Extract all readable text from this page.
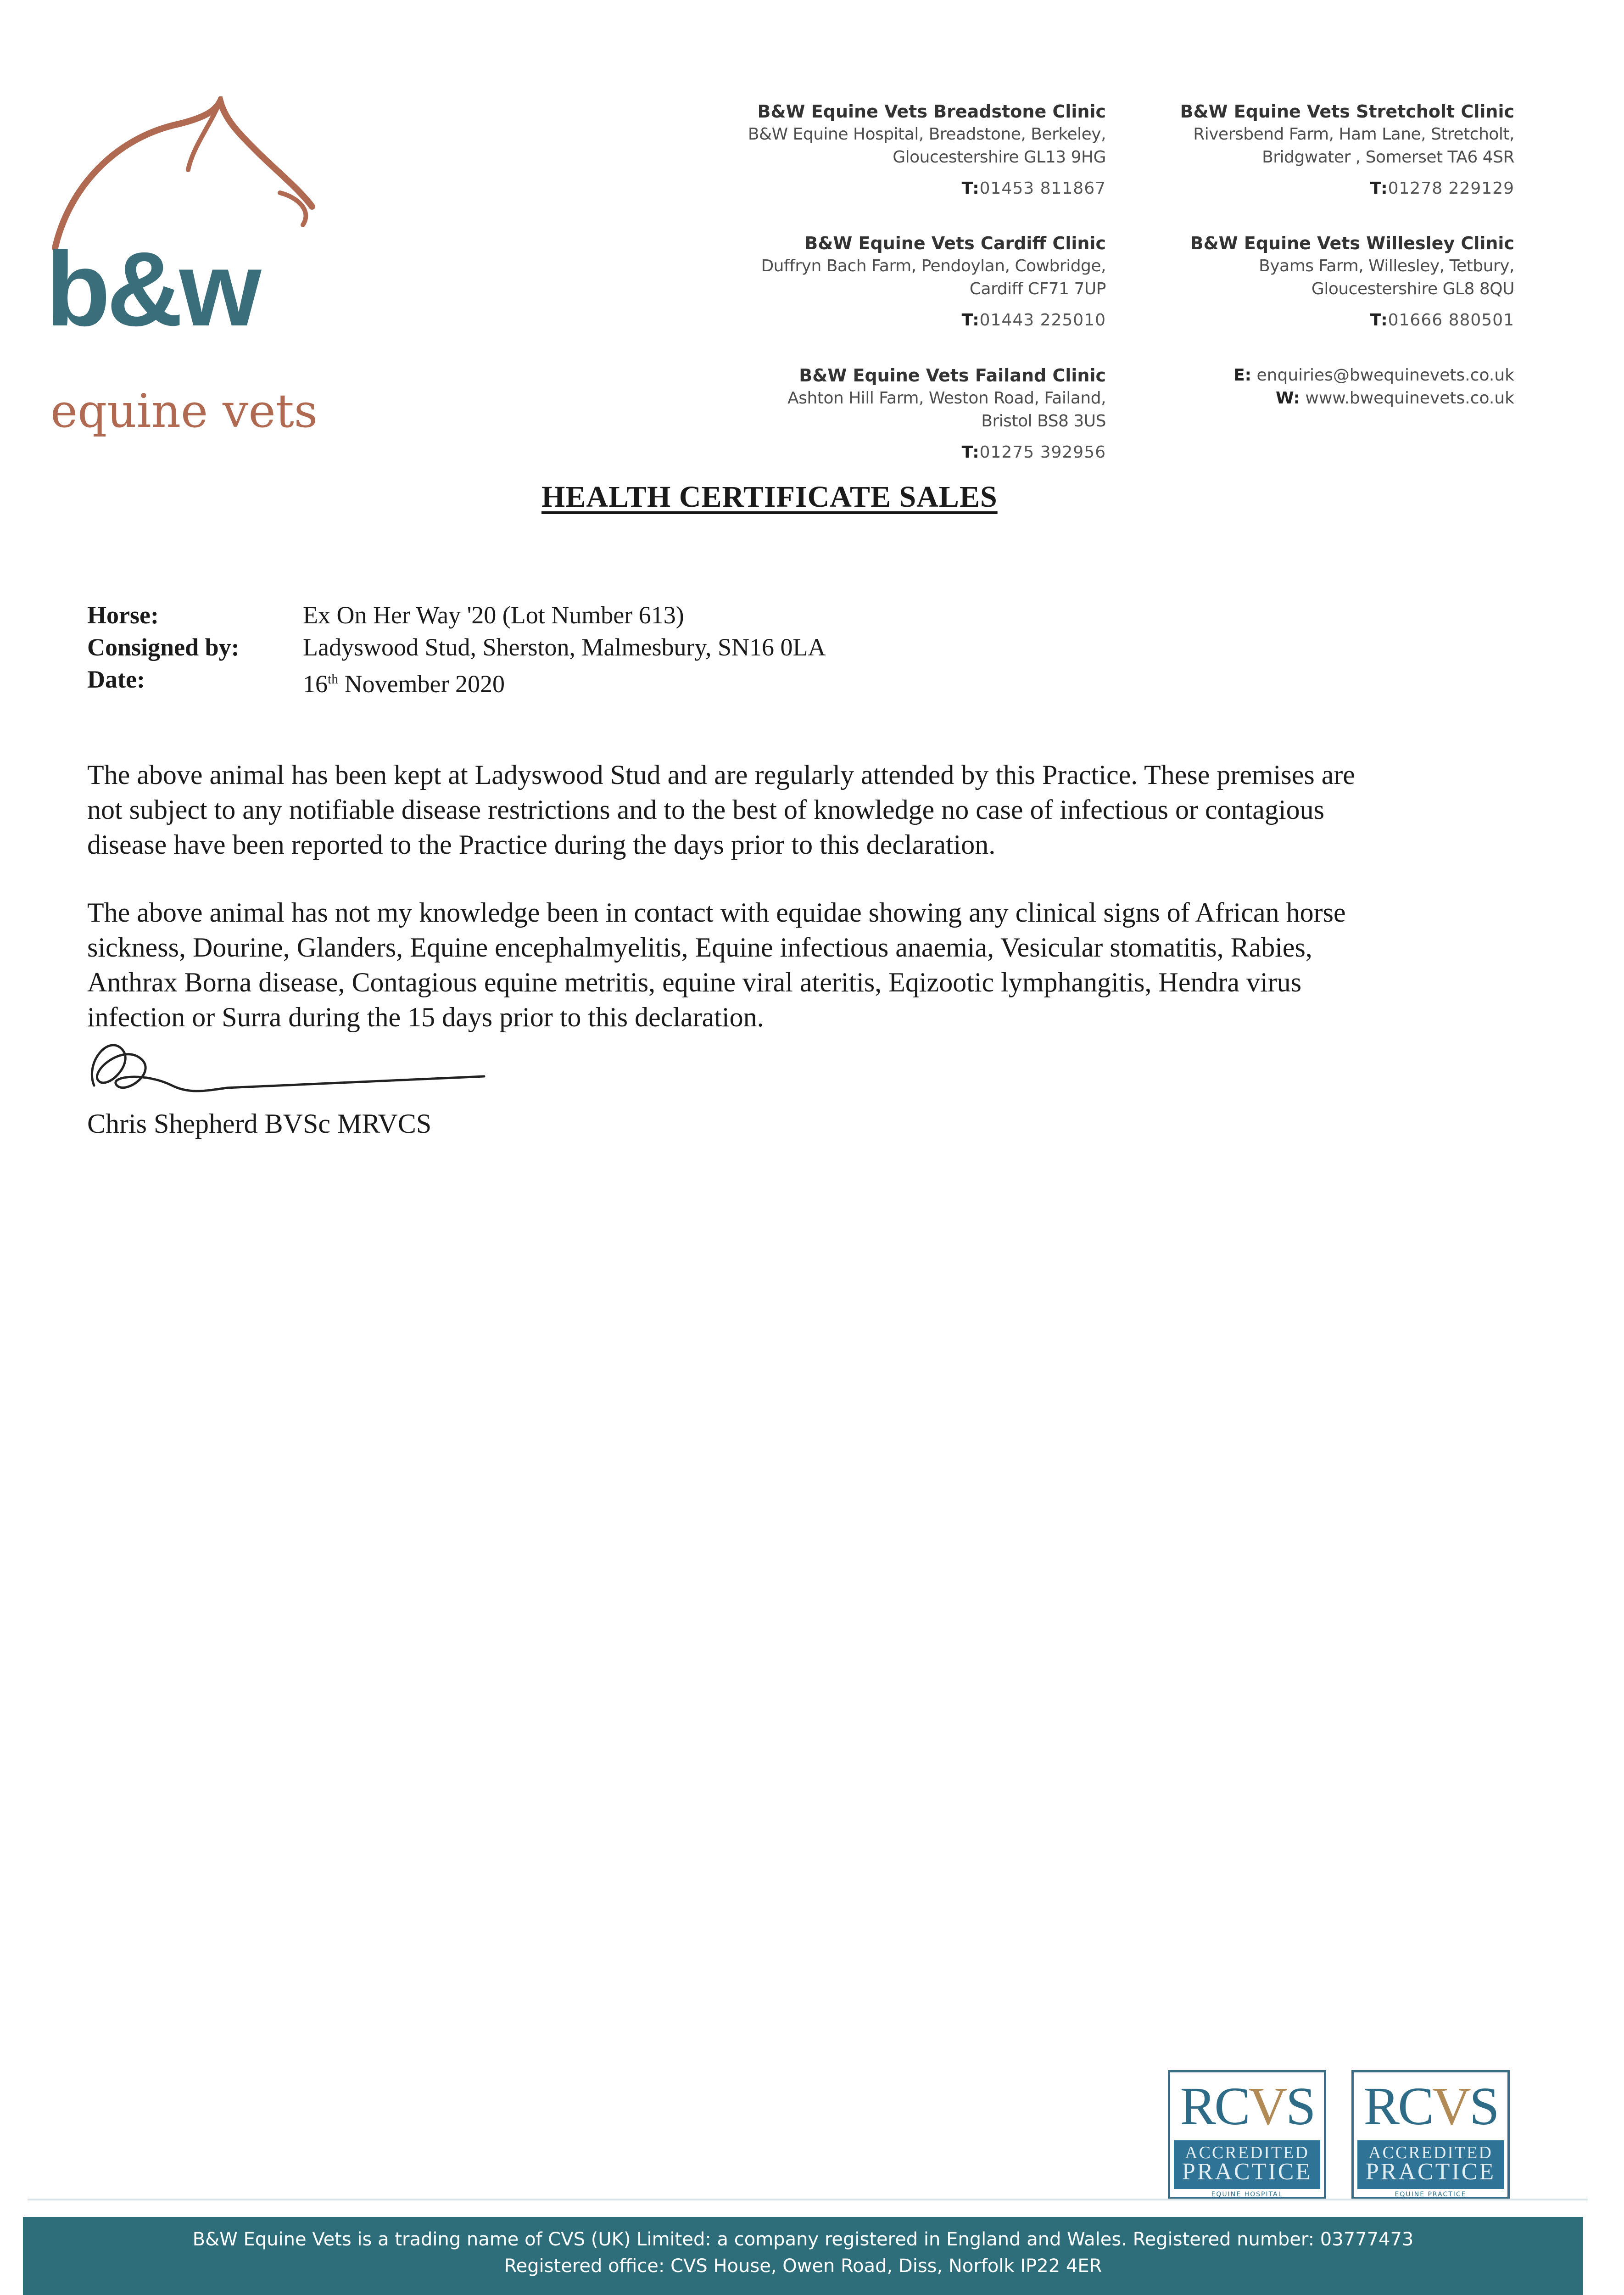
b&w
equine vets
B&W Equine Vets Breadstone Clinic
B&W Equine Hospital, Breadstone, Berkeley,
Gloucestershire GL13 9HG
T:01453 811867
B&W Equine Vets Cardiff Clinic
Duffryn Bach Farm, Pendoylan, Cowbridge,
Cardiff CF71 7UP
T:01443 225010
B&W Equine Vets Failand Clinic
Ashton Hill Farm, Weston Road, Failand,
Bristol BS8 3US
T:01275 392956
B&W Equine Vets Stretcholt Clinic
Riversbend Farm, Ham Lane, Stretcholt,
Bridgwater , Somerset TA6 4SR
T:01278 229129
B&W Equine Vets Willesley Clinic
Byams Farm, Willesley, Tetbury,
Gloucestershire GL8 8QU
T:01666 880501
E: enquiries@bwequinevets.co.uk
W: www.bwequinevets.co.uk
HEALTH CERTIFICATE SALES
Horse:	Ex On Her Way '20 (Lot Number 613)
Consigned by:	Ladyswood Stud, Sherston, Malmesbury, SN16 0LA
Date:	16th November 2020
The above animal has been kept at Ladyswood Stud and are regularly attended by this Practice. These premises are
not subject to any notifiable disease restrictions and to the best of knowledge no case of infectious or contagious
disease have been reported to the Practice during the days prior to this declaration.
The above animal has not my knowledge been in contact with equidae showing any clinical signs of African horse
sickness, Dourine, Glanders, Equine encephalmyelitis, Equine infectious anaemia, Vesicular stomatitis, Rabies,
Anthrax Borna disease, Contagious equine metritis, equine viral ateritis, Eqizootic lymphangitis, Hendra virus
infection or Surra during the 15 days prior to this declaration.
Chris Shepherd BVSc MRVCS
RCVS
ACCREDITED
PRACTICE
EQUINE HOSPITAL
RCVS
ACCREDITED
PRACTICE
EQUINE PRACTICE
B&W Equine Vets is a trading name of CVS (UK) Limited: a company registered in England and Wales. Registered number: 03777473
Registered office: CVS House, Owen Road, Diss, Norfolk IP22 4ER
